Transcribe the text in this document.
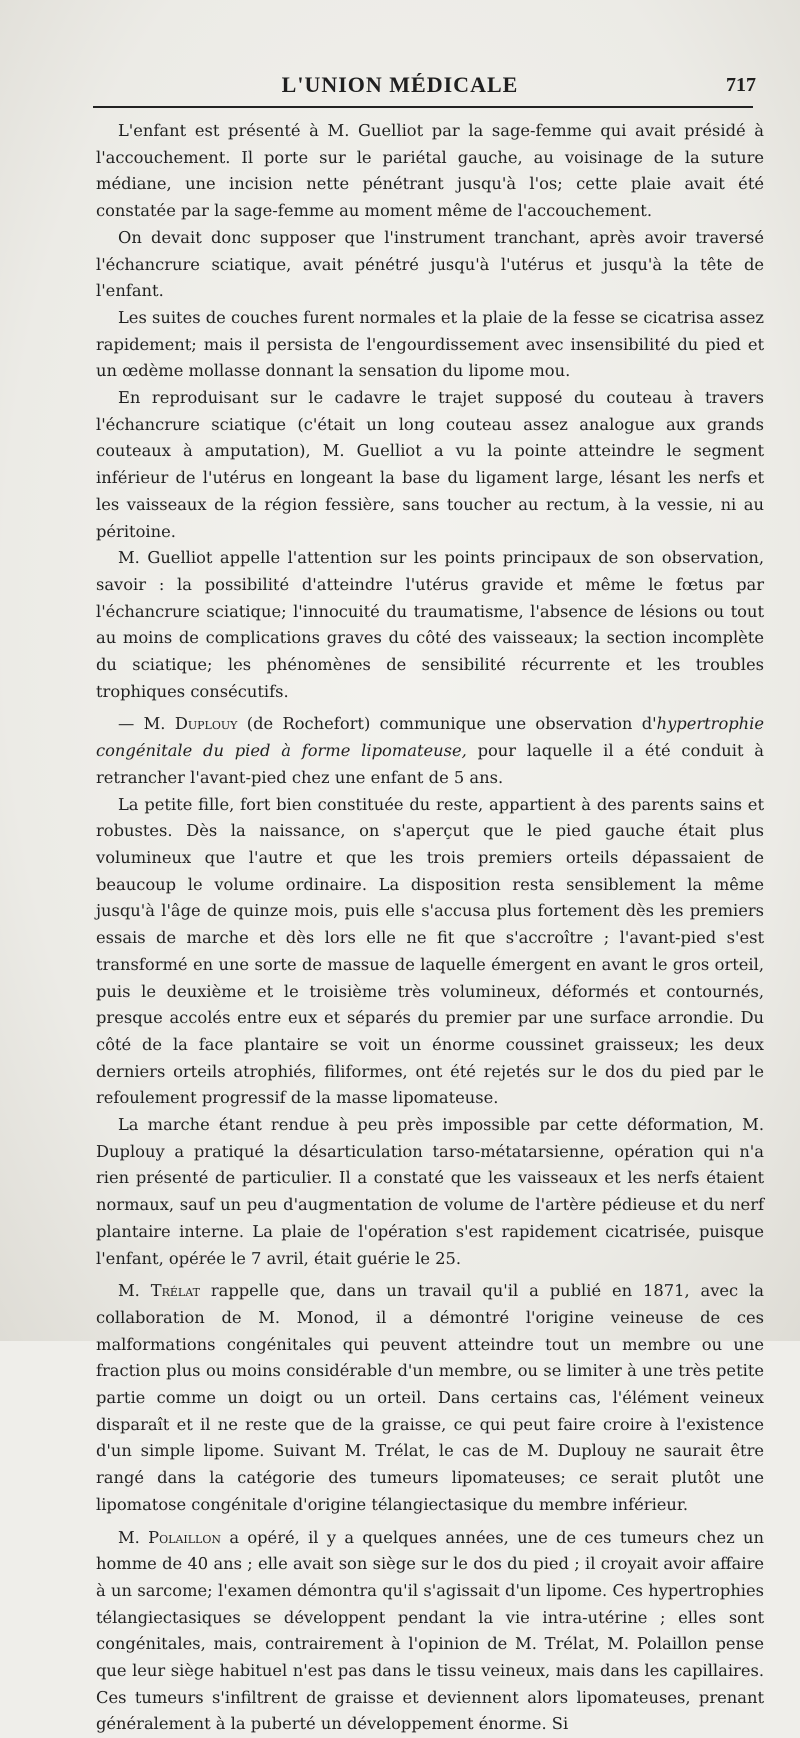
L'UNION MÉDICALE	717

L'enfant est présenté à M. Guelliot par la sage-femme qui avait présidé à l'accouchement. Il porte sur le pariétal gauche, au voisinage de la suture médiane, une incision nette pénétrant jusqu'à l'os; cette plaie avait été constatée par la sage-femme au moment même de l'accouchement.

On devait donc supposer que l'instrument tranchant, après avoir traversé l'échancrure sciatique, avait pénétré jusqu'à l'utérus et jusqu'à la tête de l'enfant.

Les suites de couches furent normales et la plaie de la fesse se cicatrisa assez rapidement; mais il persista de l'engourdissement avec insensibilité du pied et un œdème mollasse donnant la sensation du lipome mou.

En reproduisant sur le cadavre le trajet supposé du couteau à travers l'échancrure sciatique (c'était un long couteau assez analogue aux grands couteaux à amputation), M. Guelliot a vu la pointe atteindre le segment inférieur de l'utérus en longeant la base du ligament large, lésant les nerfs et les vaisseaux de la région fessière, sans toucher au rectum, à la vessie, ni au péritoine.

M. Guelliot appelle l'attention sur les points principaux de son observation, savoir : la possibilité d'atteindre l'utérus gravide et même le fœtus par l'échancrure sciatique; l'innocuité du traumatisme, l'absence de lésions ou tout au moins de complications graves du côté des vaisseaux; la section incomplète du sciatique; les phénomènes de sensibilité récurrente et les troubles trophiques consécutifs.

— M. Duplouy (de Rochefort) communique une observation d'hypertrophie congénitale du pied à forme lipomateuse, pour laquelle il a été conduit à retrancher l'avant-pied chez une enfant de 5 ans.

La petite fille, fort bien constituée du reste, appartient à des parents sains et robustes. Dès la naissance, on s'aperçut que le pied gauche était plus volumineux que l'autre et que les trois premiers orteils dépassaient de beaucoup le volume ordinaire. La disposition resta sensiblement la même jusqu'à l'âge de quinze mois, puis elle s'accusa plus fortement dès les premiers essais de marche et dès lors elle ne fit que s'accroître ; l'avant-pied s'est transformé en une sorte de massue de laquelle émergent en avant le gros orteil, puis le deuxième et le troisième très volumineux, déformés et contournés, presque accolés entre eux et séparés du premier par une surface arrondie. Du côté de la face plantaire se voit un énorme coussinet graisseux; les deux derniers orteils atrophiés, filiformes, ont été rejetés sur le dos du pied par le refoulement progressif de la masse lipomateuse.

La marche étant rendue à peu près impossible par cette déformation, M. Duplouy a pratiqué la désarticulation tarso-métatarsienne, opération qui n'a rien présenté de particulier. Il a constaté que les vaisseaux et les nerfs étaient normaux, sauf un peu d'augmentation de volume de l'artère pédieuse et du nerf plantaire interne. La plaie de l'opération s'est rapidement cicatrisée, puisque l'enfant, opérée le 7 avril, était guérie le 25.

M. Trélat rappelle que, dans un travail qu'il a publié en 1871, avec la collaboration de M. Monod, il a démontré l'origine veineuse de ces malformations congénitales qui peuvent atteindre tout un membre ou une fraction plus ou moins considérable d'un membre, ou se limiter à une très petite partie comme un doigt ou un orteil. Dans certains cas, l'élément veineux disparaît et il ne reste que de la graisse, ce qui peut faire croire à l'existence d'un simple lipome. Suivant M. Trélat, le cas de M. Duplouy ne saurait être rangé dans la catégorie des tumeurs lipomateuses; ce serait plutôt une lipomatose congénitale d'origine télangiectasique du membre inférieur.

M. Polaillon a opéré, il y a quelques années, une de ces tumeurs chez un homme de 40 ans ; elle avait son siège sur le dos du pied ; il croyait avoir affaire à un sarcome; l'examen démontra qu'il s'agissait d'un lipome. Ces hypertrophies télangiectasiques se développent pendant la vie intra-utérine ; elles sont congénitales, mais, contrairement à l'opinion de M. Trélat, M. Polaillon pense que leur siège habituel n'est pas dans le tissu veineux, mais dans les capillaires. Ces tumeurs s'infiltrent de graisse et deviennent alors lipomateuses, prenant généralement à la puberté un développement énorme. Si
